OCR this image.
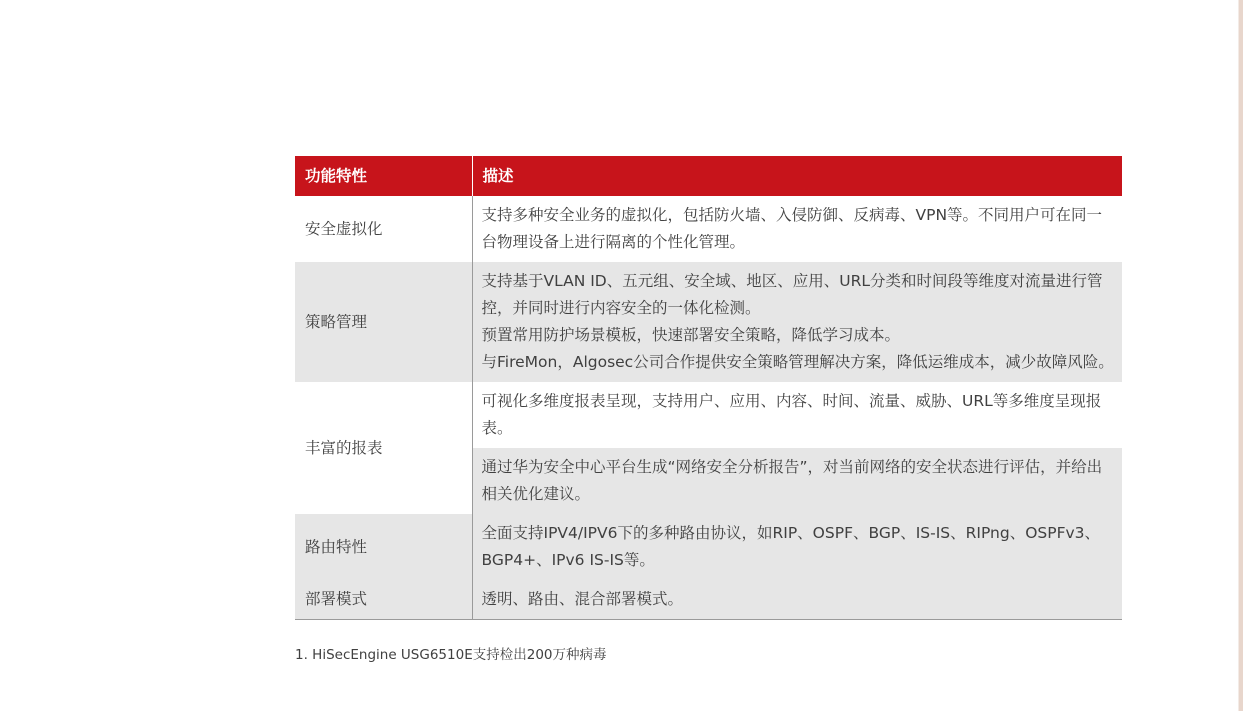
功能特性	描述
安全虚拟化	支持多种安全业务的虚拟化，包括防火墙、入侵防御、反病毒、VPN等。不同用户可在同一台物理设备上进行隔离的个性化管理。

策略管理	支持基于VLAN ID、五元组、安全域、地区、应用、URL分类和时间段等维度对流量进行管控，并同时进行内容安全的一体化检测。
预置常用防护场景模板，快速部署安全策略，降低学习成本。
与FireMon，Algosec公司合作提供安全策略管理解决方案，降低运维成本，减少故障风险。

丰富的报表	可视化多维度报表呈现，支持用户、应用、内容、时间、流量、威胁、URL等多维度呈现报表。

	通过华为安全中心平台生成“网络安全分析报告”，对当前网络的安全状态进行评估，并给出相关优化建议。

路由特性	全面支持IPV4/IPV6下的多种路由协议，如RIP、OSPF、BGP、IS-IS、RIPng、OSPFv3、BGP4+、IPv6 IS-IS等。

部署模式	透明、路由、混合部署模式。
1. HiSecEngine USG6510E支持检出200万种病毒
